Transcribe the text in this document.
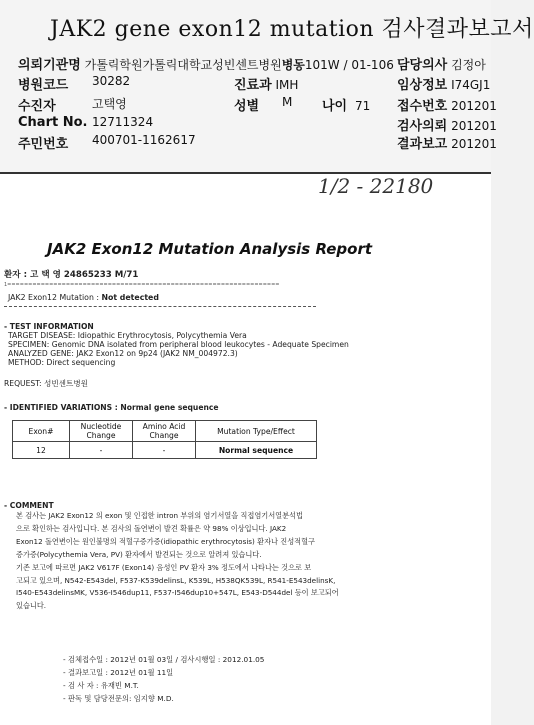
JAK2 gene exon12 mutation 검사결과보고서
의뢰기관명 가톨릭학원가톨릭대학교성빈센트병원병동101W / 01-106 담당의사 김정아
병원코드 30282	진료과 IMH	임상정보 I74GJ1
수진자	고택영	성별 M 나이 71 접수번호 201201
Chart No. 12711324	검사의뢰 201201
주민번호 400701-1162617	결과보고 201201
1/2 - 22180
JAK2 Exon12 Mutation Analysis Report
환자 : 고 택 영 24865233 M/71
1=================================================================
JAK2 Exon12 Mutation : Not detected
- TEST INFORMATION
TARGET DISEASE: Idiopathic Erythrocytosis, Polycythemia Vera
SPECIMEN: Genomic DNA isolated from peripheral blood leukocytes - Adequate Specimen
ANALYZED GENE: JAK2 Exon12 on 9p24 (JAK2 NM_004972.3)
METHOD: Direct sequencing
REQUEST: 성빈센트병원
- IDENTIFIED VARIATIONS : Normal gene sequence
Exon#	Nucleotide Change	Amino Acid Change	Mutation Type/Effect
12	-	-	Normal sequence
- COMMENT
본 검사는 JAK2 Exon12 의 exon 및 인접한 intron 부위의 염기서열을 직접염기서열분석법
으로 확인하는 검사입니다. 본 검사의 돌연변이 발견 확률은 약 98% 이상입니다. JAK2
Exon12 돌연변이는 원인불명의 적혈구증가증(idiopathic erythrocytosis) 환자나 진성적혈구
증가증(Polycythemia Vera, PV) 환자에서 발견되는 것으로 알려져 있습니다.
기존 보고에 따르면 JAK2 V617F (Exon14) 음성인 PV 환자 3% 정도에서 나타나는 것으로 보
고되고 있으며, N542-E543del, F537-K539delinsL, K539L, H538QK539L, R541-E543delinsK,
I540-E543delinsMK, V536-I546dup11, F537-I546dup10+547L, E543-D544del 등이 보고되어
있습니다.
- 검체접수일 : 2012년 01월 03일 / 검사시행일 : 2012.01.05
- 결과보고일 : 2012년 01월 11일
- 검 사 자 : 유재빈 M.T.
- 판독 및 담당전문의: 임지향 M.D.
